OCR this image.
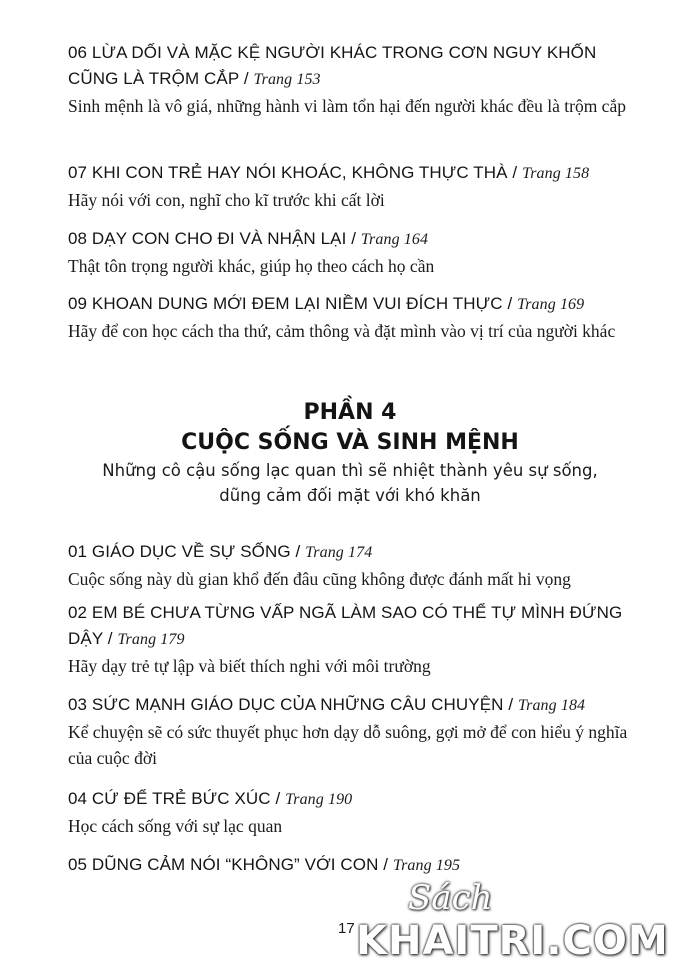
06 LỪA DỐI VÀ MẶC KỆ NGƯỜI KHÁC TRONG CƠN NGUY KHỐN CŨNG LÀ TRỘM CẮP / Trang 153
Sinh mệnh là vô giá, những hành vi làm tổn hại đến người khác đều là trộm cắp
07 KHI CON TRẺ HAY NÓI KHOÁC, KHÔNG THỰC THÀ / Trang 158
Hãy nói với con, nghĩ cho kĩ trước khi cất lời
08 DẠY CON CHO ĐI VÀ NHẬN LẠI / Trang 164
Thật tôn trọng người khác, giúp họ theo cách họ cần
09 KHOAN DUNG MỚI ĐEM LẠI NIỀM VUI ĐÍCH THỰC / Trang 169
Hãy để con học cách tha thứ, cảm thông và đặt mình vào vị trí của người khác
PHẦN 4
CUỘC SỐNG VÀ SINH MỆNH
Những cô cậu sống lạc quan thì sẽ nhiệt thành yêu sự sống,
dũng cảm đối mặt với khó khăn
01 GIÁO DỤC VỀ SỰ SỐNG / Trang 174
Cuộc sống này dù gian khổ đến đâu cũng không được đánh mất hi vọng
02 EM BÉ CHƯA TỪNG VẤP NGÃ LÀM SAO CÓ THỂ TỰ MÌNH ĐỨNG DẬY / Trang 179
Hãy dạy trẻ tự lập và biết thích nghi với môi trường
03 SỨC MẠNH GIÁO DỤC CỦA NHỮNG CÂU CHUYỆN / Trang 184
Kể chuyện sẽ có sức thuyết phục hơn dạy dỗ suông, gợi mở để con hiểu ý nghĩa của cuộc đời
04 CỨ ĐỂ TRẺ BỨC XÚC / Trang 190
Học cách sống với sự lạc quan
05 DŨNG CẢM NÓI “KHÔNG” VỚI CON / Trang 195
17
Sách
KHAITRI.COM
